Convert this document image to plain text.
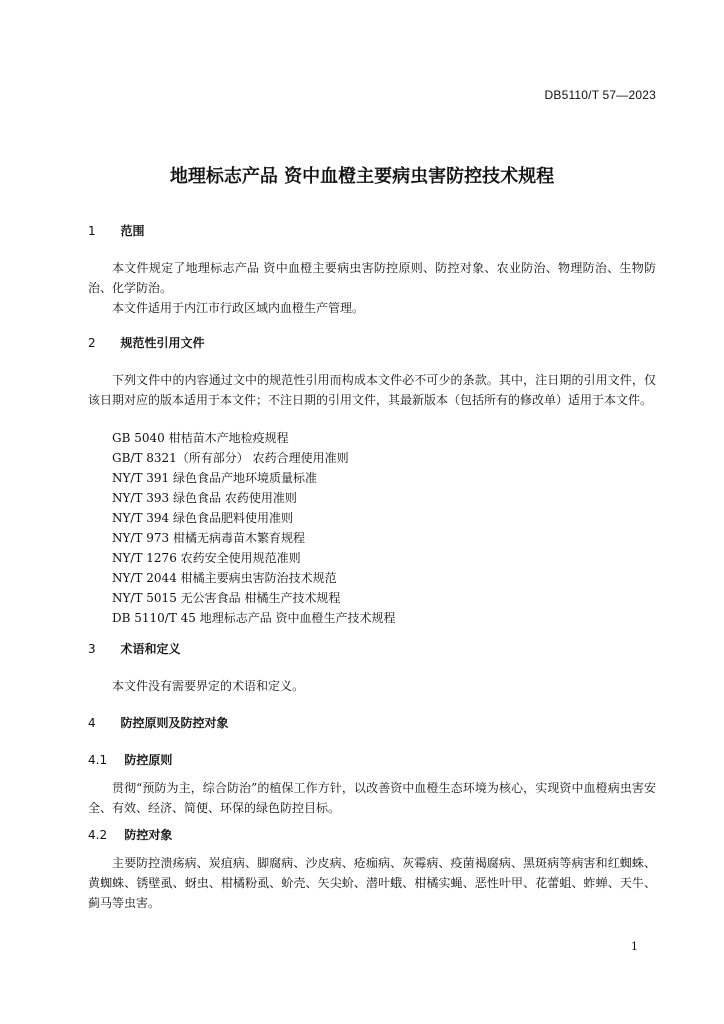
DB5110/T 57—2023
地理标志产品 资中血橙主要病虫害防控技术规程
1 范围

本文件规定了地理标志产品 资中血橙主要病虫害防控原则、防控对象、农业防治、物理防治、生物防治、化学防治。

本文件适用于内江市行政区域内血橙生产管理。

2 规范性引用文件

下列文件中的内容通过文中的规范性引用而构成本文件必不可少的条款。其中，注日期的引用文件，仅该日期对应的版本适用于本文件；不注日期的引用文件，其最新版本（包括所有的修改单）适用于本文件。

GB 5040 柑桔苗木产地检疫规程
GB/T 8321（所有部分） 农药合理使用准则
NY/T 391 绿色食品产地环境质量标准
NY/T 393 绿色食品 农药使用准则
NY/T 394 绿色食品肥料使用准则
NY/T 973 柑橘无病毒苗木繁育规程
NY/T 1276 农药安全使用规范准则
NY/T 2044 柑橘主要病虫害防治技术规范
NY/T 5015 无公害食品 柑橘生产技术规程
DB 5110/T 45 地理标志产品 资中血橙生产技术规程
3 术语和定义

本文件没有需要界定的术语和定义。

4 防控原则及防控对象
4.1 防控原则

贯彻“预防为主，综合防治”的植保工作方针，以改善资中血橙生态环境为核心，实现资中血橙病虫害安全、有效、经济、简便、环保的绿色防控目标。

4.2 防控对象

主要防控溃疡病、炭疽病、脚腐病、沙皮病、疮痂病、灰霉病、疫菌褐腐病、黑斑病等病害和红蜘蛛、黄蜘蛛、锈壁虱、蚜虫、柑橘粉虱、蚧壳、矢尖蚧、潜叶蛾、柑橘实蝇、恶性叶甲、花蕾蛆、蚱蝉、天牛、蓟马等虫害。

1
